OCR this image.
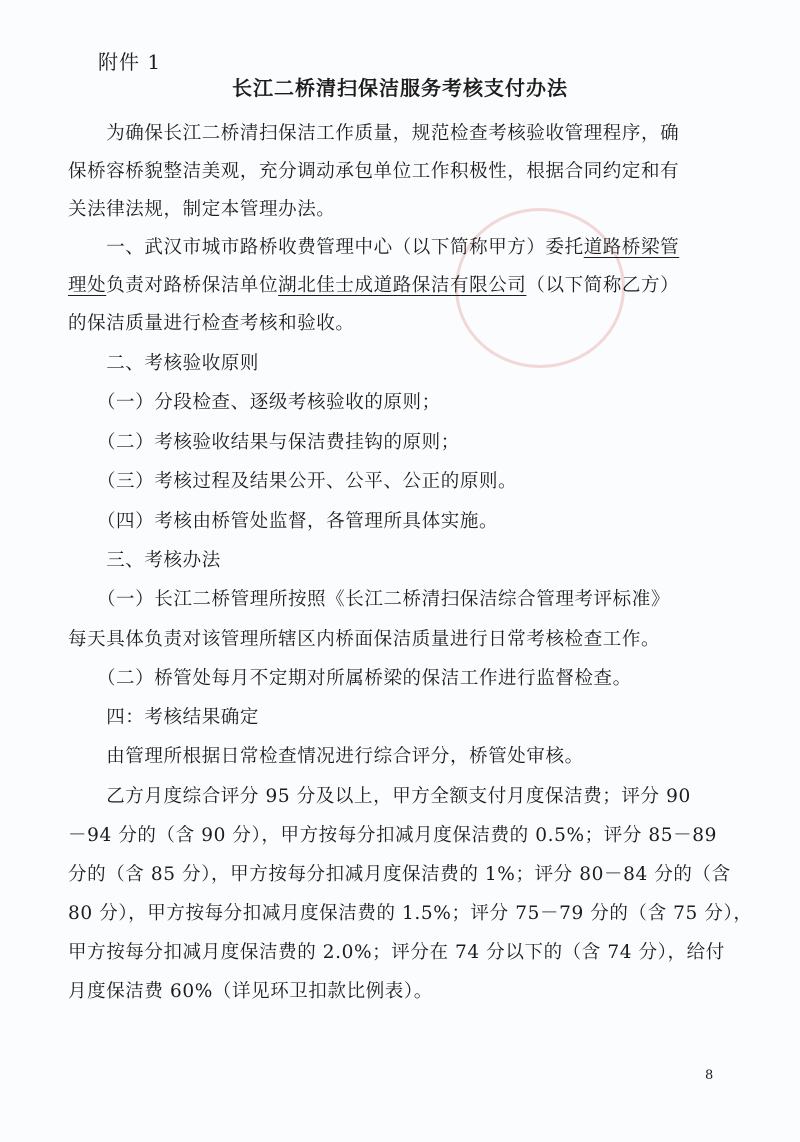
附件 1
长江二桥清扫保洁服务考核支付办法
　　为确保长江二桥清扫保洁工作质量，规范检查考核验收管理程序，确
保桥容桥貌整洁美观，充分调动承包单位工作积极性，根据合同约定和有
关法律法规，制定本管理办法。
　　一、武汉市城市路桥收费管理中心（以下简称甲方）委托道路桥梁管
理处负责对路桥保洁单位湖北佳士成道路保洁有限公司（以下简称乙方）
的保洁质量进行检查考核和验收。
　　二、考核验收原则
　　（一）分段检查、逐级考核验收的原则；
　　（二）考核验收结果与保洁费挂钩的原则；
　　（三）考核过程及结果公开、公平、公正的原则。
　　（四）考核由桥管处监督，各管理所具体实施。
　　三、考核办法
　　（一）长江二桥管理所按照《长江二桥清扫保洁综合管理考评标准》
每天具体负责对该管理所辖区内桥面保洁质量进行日常考核检查工作。
　　（二）桥管处每月不定期对所属桥梁的保洁工作进行监督检查。
　　四：考核结果确定
　　由管理所根据日常检查情况进行综合评分，桥管处审核。
　　乙方月度综合评分 95 分及以上，甲方全额支付月度保洁费；评分 90
－94 分的（含 90 分），甲方按每分扣减月度保洁费的 0.5%；评分 85－89
分的（含 85 分），甲方按每分扣减月度保洁费的 1%；评分 80－84 分的（含
80 分），甲方按每分扣减月度保洁费的 1.5%；评分 75－79 分的（含 75 分），
甲方按每分扣减月度保洁费的 2.0%；评分在 74 分以下的（含 74 分），给付
月度保洁费 60%（详见环卫扣款比例表）。
8
